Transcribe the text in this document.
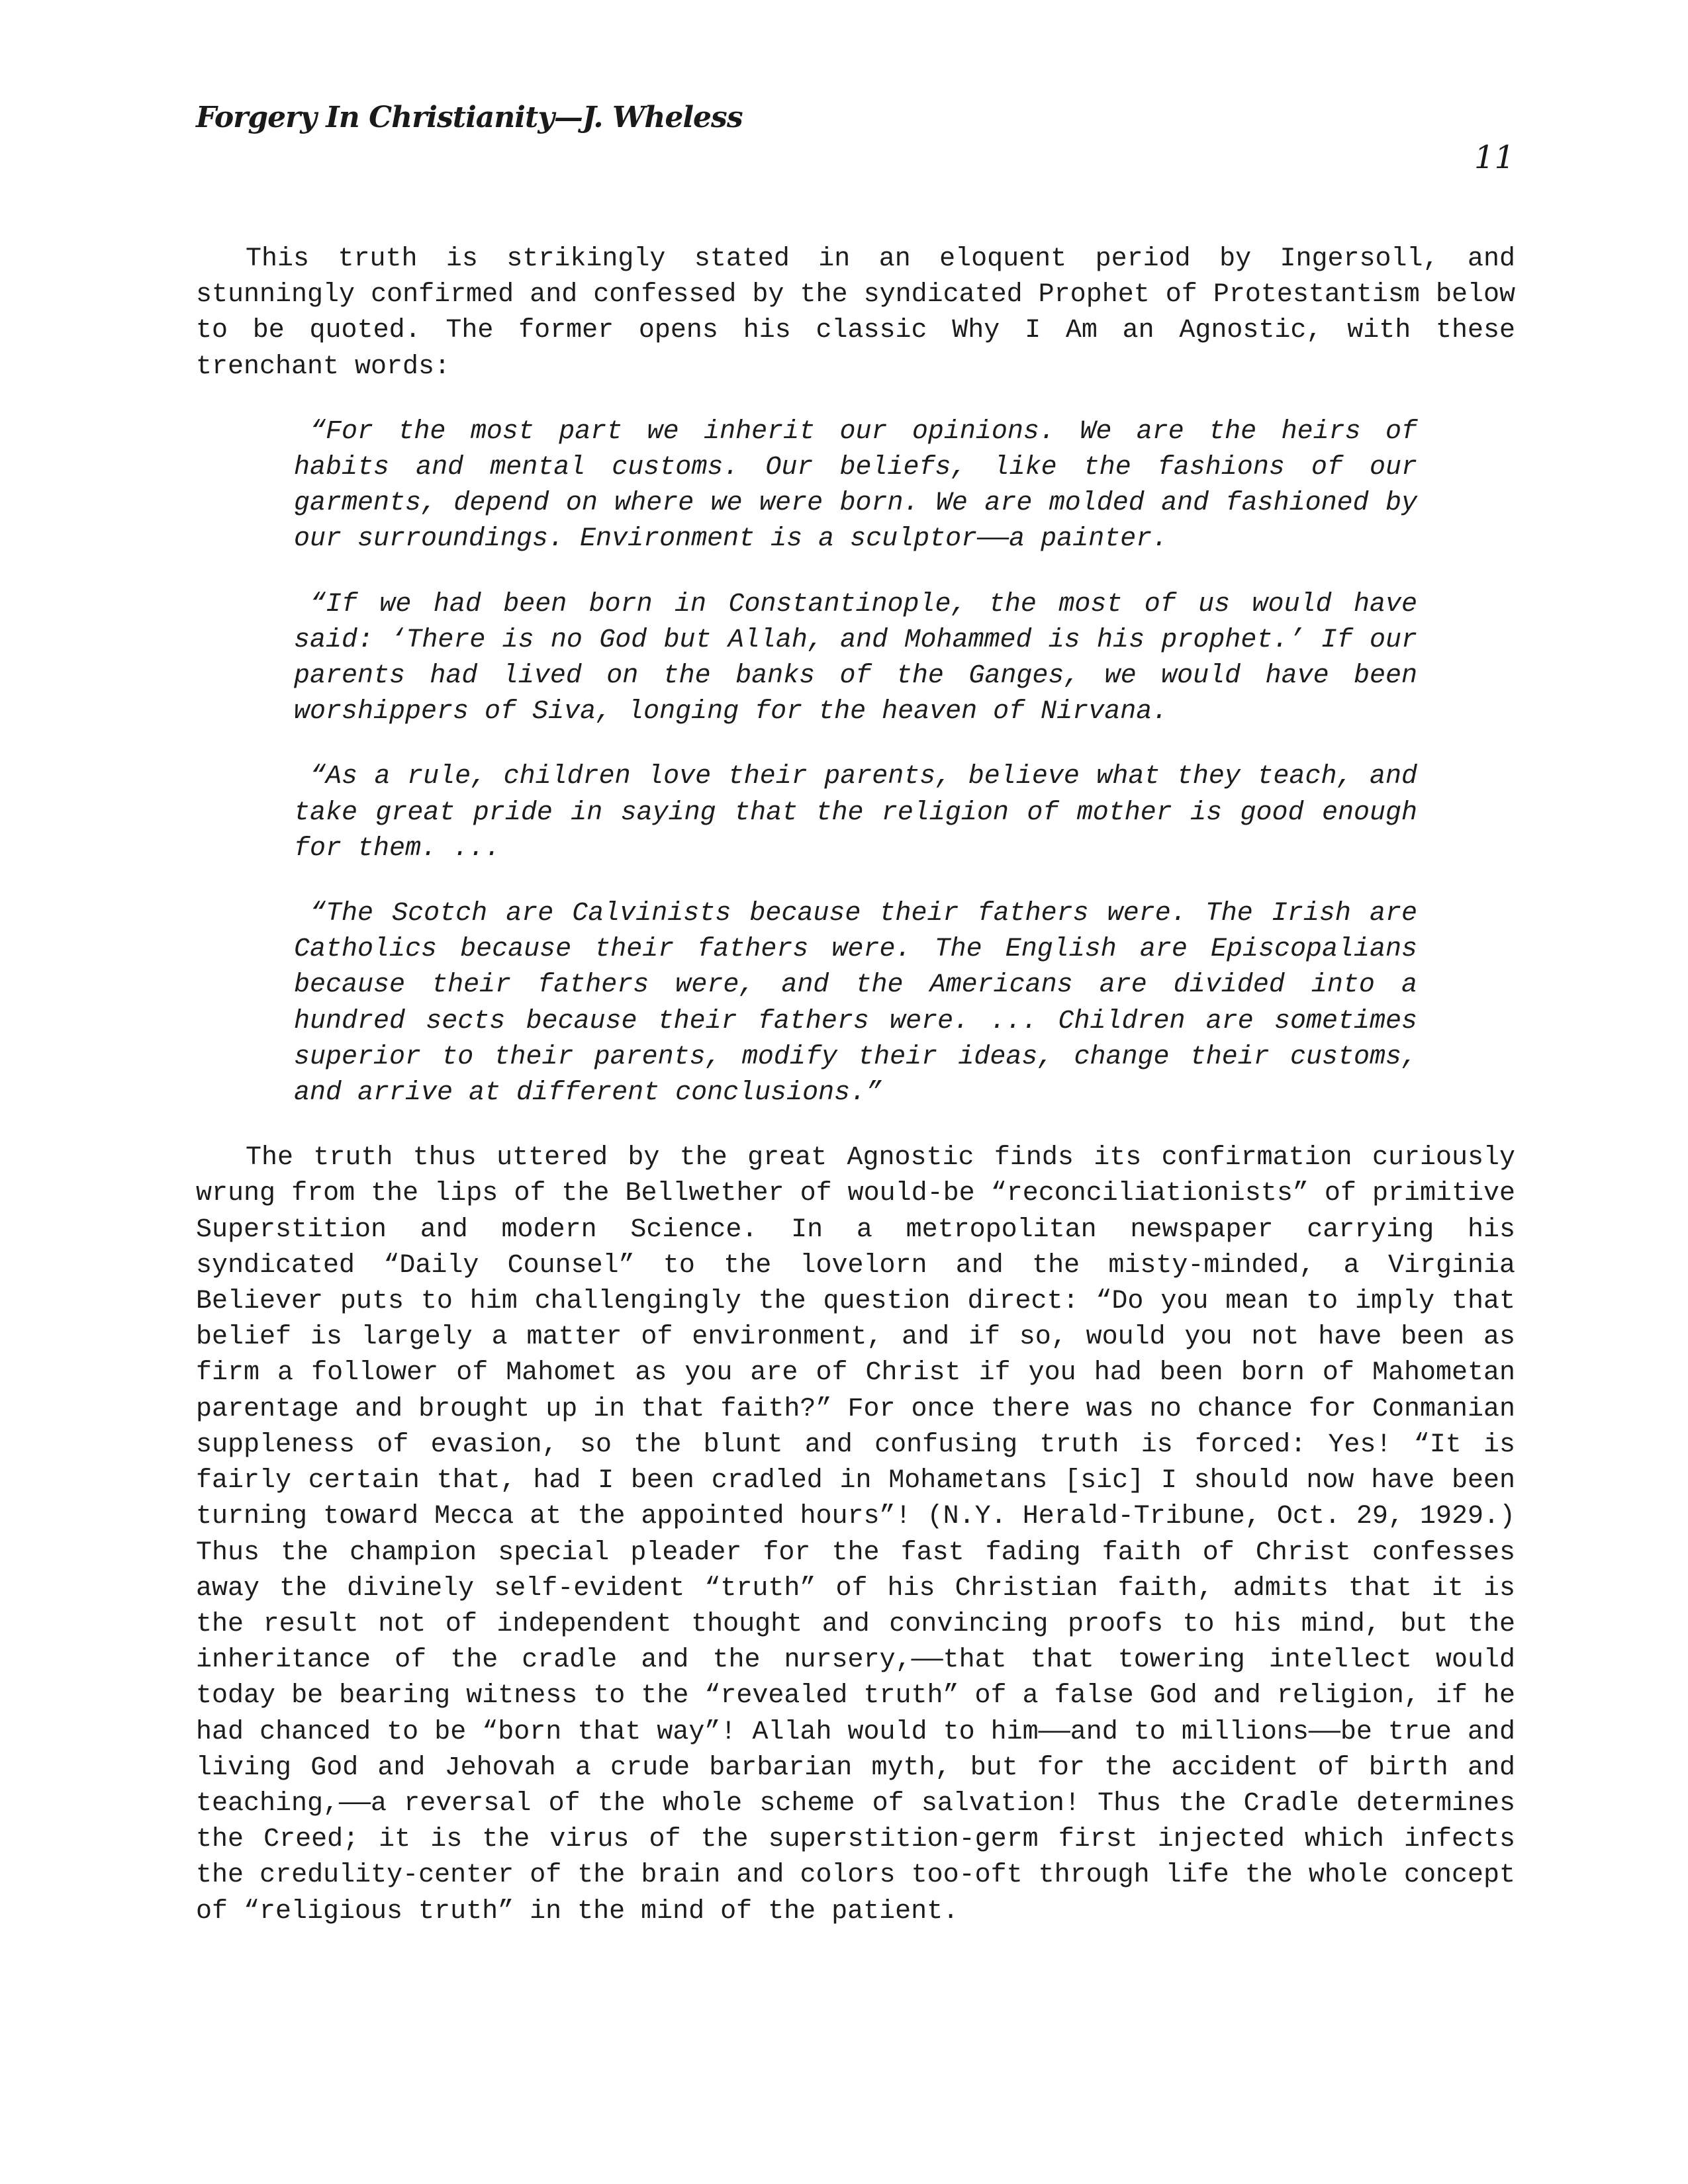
Forgery In Christianity—J. Wheless
11

This truth is strikingly stated in an eloquent period by Ingersoll, and stunningly confirmed and confessed by the syndicated Prophet of Protestantism below to be quoted. The former opens his classic Why I Am an Agnostic, with these trenchant words:

“For the most part we inherit our opinions. We are the heirs of habits and mental customs. Our beliefs, like the fashions of our garments, depend on where we were born. We are molded and fashioned by our surroundings. Environment is a sculptor——a painter.

“If we had been born in Constantinople, the most of us would have said: ‘There is no God but Allah, and Mohammed is his prophet.’ If our parents had lived on the banks of the Ganges, we would have been worshippers of Siva, longing for the heaven of Nirvana.

“As a rule, children love their parents, believe what they teach, and take great pride in saying that the religion of mother is good enough for them. ...

“The Scotch are Calvinists because their fathers were. The Irish are Catholics because their fathers were. The English are Episcopalians because their fathers were, and the Americans are divided into a hundred sects because their fathers were. ... Children are sometimes superior to their parents, modify their ideas, change their customs, and arrive at different conclusions.”

The truth thus uttered by the great Agnostic finds its confirmation curiously wrung from the lips of the Bellwether of would-be “reconciliationists” of primitive Superstition and modern Science. In a metropolitan newspaper carrying his syndicated “Daily Counsel” to the lovelorn and the misty-minded, a Virginia Believer puts to him challengingly the question direct: “Do you mean to imply that belief is largely a matter of environment, and if so, would you not have been as firm a follower of Mahomet as you are of Christ if you had been born of Mahometan parentage and brought up in that faith?” For once there was no chance for Conmanian suppleness of evasion, so the blunt and confusing truth is forced: Yes! “It is fairly certain that, had I been cradled in Mohametans [sic] I should now have been turning toward Mecca at the appointed hours”! (N.Y. Herald-Tribune, Oct. 29, 1929.) Thus the champion special pleader for the fast fading faith of Christ confesses away the divinely self-evident “truth” of his Christian faith, admits that it is the result not of independent thought and convincing proofs to his mind, but the inheritance of the cradle and the nursery,——that that towering intellect would today be bearing witness to the “revealed truth” of a false God and religion, if he had chanced to be “born that way”! Allah would to him——and to millions——be true and living God and Jehovah a crude barbarian myth, but for the accident of birth and teaching,——a reversal of the whole scheme of salvation! Thus the Cradle determines the Creed; it is the virus of the superstition-germ first injected which infects the credulity-center of the brain and colors too-oft through life the whole concept of “religious truth” in the mind of the patient.
